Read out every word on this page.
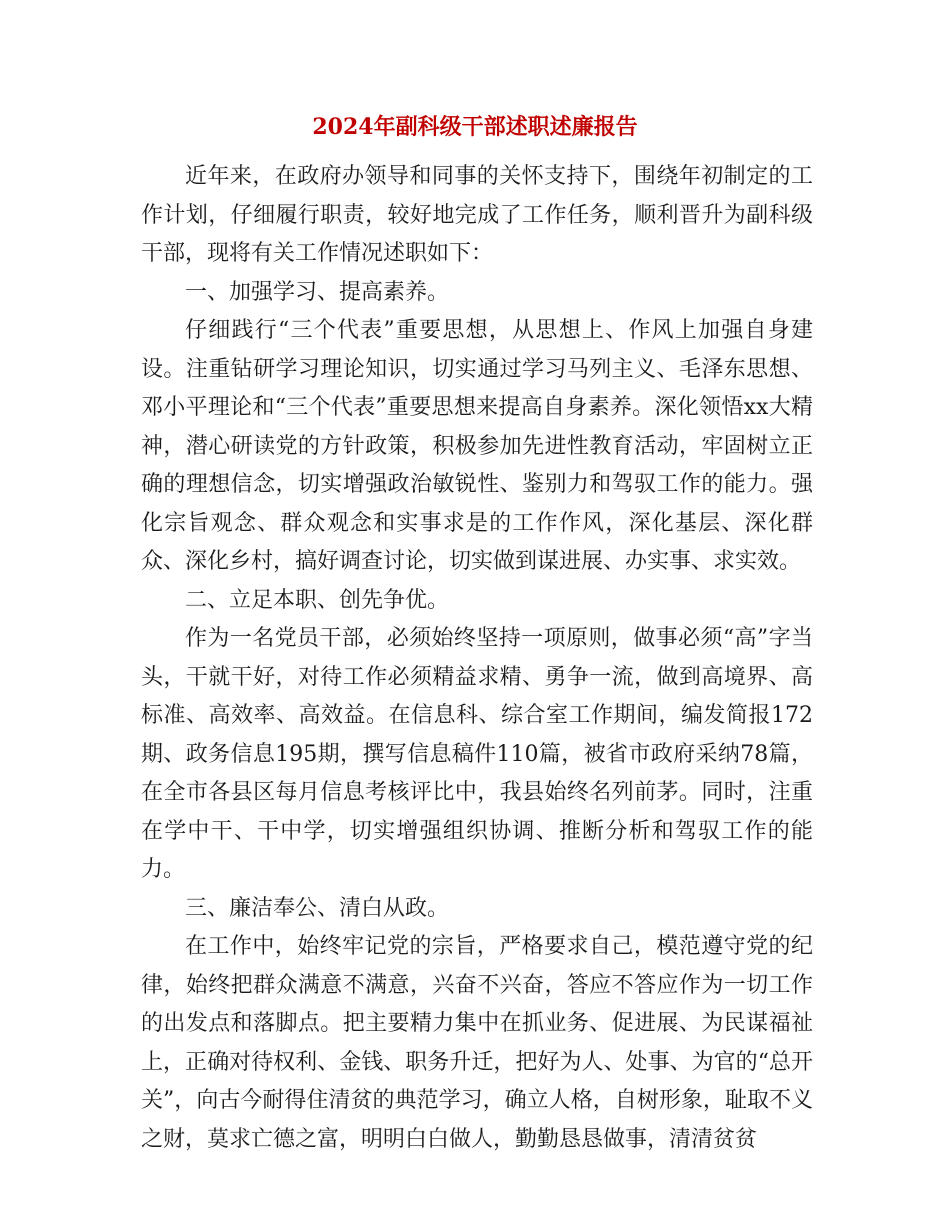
2024年副科级干部述职述廉报告

近年来，在政府办领导和同事的关怀支持下，围绕年初制定的工作计划，仔细履行职责，较好地完成了工作任务，顺利晋升为副科级干部，现将有关工作情况述职如下：

一、加强学习、提高素养。

仔细践行“三个代表”重要思想，从思想上、作风上加强自身建设。注重钻研学习理论知识，切实通过学习马列主义、毛泽东思想、邓小平理论和“三个代表”重要思想来提高自身素养。深化领悟xx大精神，潜心研读党的方针政策，积极参加先进性教育活动，牢固树立正确的理想信念，切实增强政治敏锐性、鉴别力和驾驭工作的能力。强化宗旨观念、群众观念和实事求是的工作作风，深化基层、深化群众、深化乡村，搞好调查讨论，切实做到谋进展、办实事、求实效。

二、立足本职、创先争优。

作为一名党员干部，必须始终坚持一项原则，做事必须“高”字当头，干就干好，对待工作必须精益求精、勇争一流，做到高境界、高标准、高效率、高效益。在信息科、综合室工作期间，编发简报172期、政务信息195期，撰写信息稿件110篇，被省市政府采纳78篇，在全市各县区每月信息考核评比中，我县始终名列前茅。同时，注重在学中干、干中学，切实增强组织协调、推断分析和驾驭工作的能力。

三、廉洁奉公、清白从政。

在工作中，始终牢记党的宗旨，严格要求自己，模范遵守党的纪律，始终把群众满意不满意，兴奋不兴奋，答应不答应作为一切工作的出发点和落脚点。把主要精力集中在抓业务、促进展、为民谋福祉上，正确对待权利、金钱、职务升迁，把好为人、处事、为官的“总开关”，向古今耐得住清贫的典范学习，确立人格，自树形象，耻取不义之财，莫求亡德之富，明明白白做人，勤勤恳恳做事，清清贫贫
